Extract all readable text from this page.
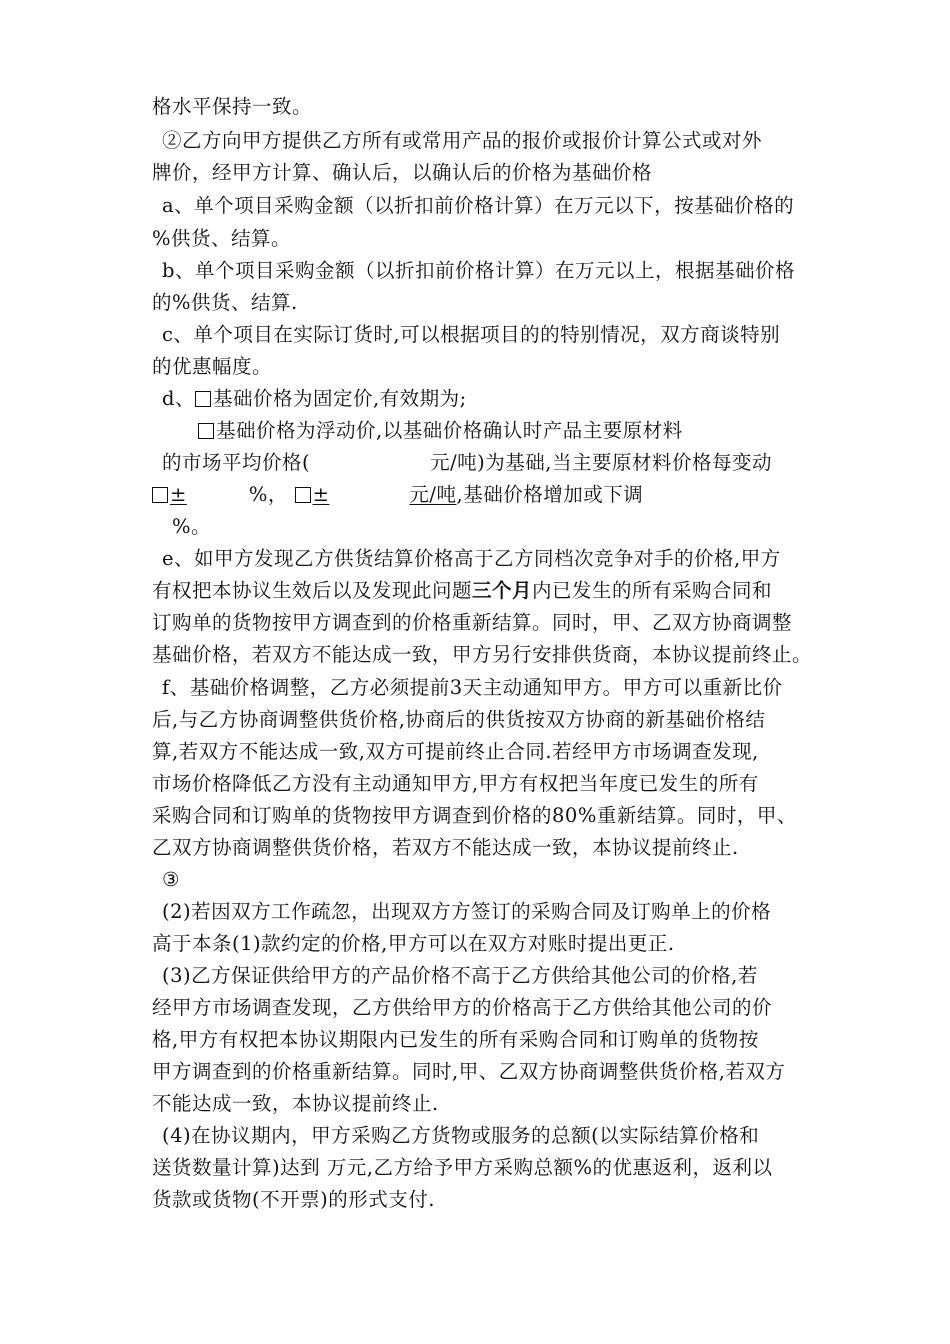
格水平保持一致。
②乙方向甲方提供乙方所有或常用产品的报价或报价计算公式或对外
牌价，经甲方计算、确认后，以确认后的价格为基础价格
a、单个项目采购金额（以折扣前价格计算）在万元以下，按基础价格的
%供货、结算。
b、单个项目采购金额（以折扣前价格计算）在万元以上，根据基础价格
的%供货、结算.
c、单个项目在实际订货时,可以根据项目的的特别情况，双方商谈特别
的优惠幅度。
d、 基础价格为固定价,有效期为;
基础价格为浮动价,以基础价格确认时产品主要原材料
的市场平均价格(	元/吨)为基础,当主要原材料价格每变动
±	%， ±	元/吨,基础价格增加或下调
%。
e、如甲方发现乙方供货结算价格高于乙方同档次竞争对手的价格,甲方
有权把本协议生效后以及发现此问题三个月内已发生的所有采购合同和
订购单的货物按甲方调查到的价格重新结算。同时，甲、乙双方协商调整
基础价格，若双方不能达成一致，甲方另行安排供货商，本协议提前终止。
f、基础价格调整，乙方必须提前3天主动通知甲方。甲方可以重新比价
后,与乙方协商调整供货价格,协商后的供货按双方协商的新基础价格结
算,若双方不能达成一致,双方可提前终止合同.若经甲方市场调查发现,
市场价格降低乙方没有主动通知甲方,甲方有权把当年度已发生的所有
采购合同和订购单的货物按甲方调查到价格的80%重新结算。同时，甲、
乙双方协商调整供货价格，若双方不能达成一致，本协议提前终止.
③
(2)若因双方工作疏忽，出现双方方签订的采购合同及订购单上的价格
高于本条(1)款约定的价格,甲方可以在双方对账时提出更正.
(3)乙方保证供给甲方的产品价格不高于乙方供给其他公司的价格,若
经甲方市场调查发现，乙方供给甲方的价格高于乙方供给其他公司的价
格,甲方有权把本协议期限内已发生的所有采购合同和订购单的货物按
甲方调查到的价格重新结算。同时,甲、乙双方协商调整供货价格,若双方
不能达成一致，本协议提前终止.
(4)在协议期内，甲方采购乙方货物或服务的总额(以实际结算价格和
送货数量计算)达到 万元,乙方给予甲方采购总额%的优惠返利，返利以
货款或货物(不开票)的形式支付.
